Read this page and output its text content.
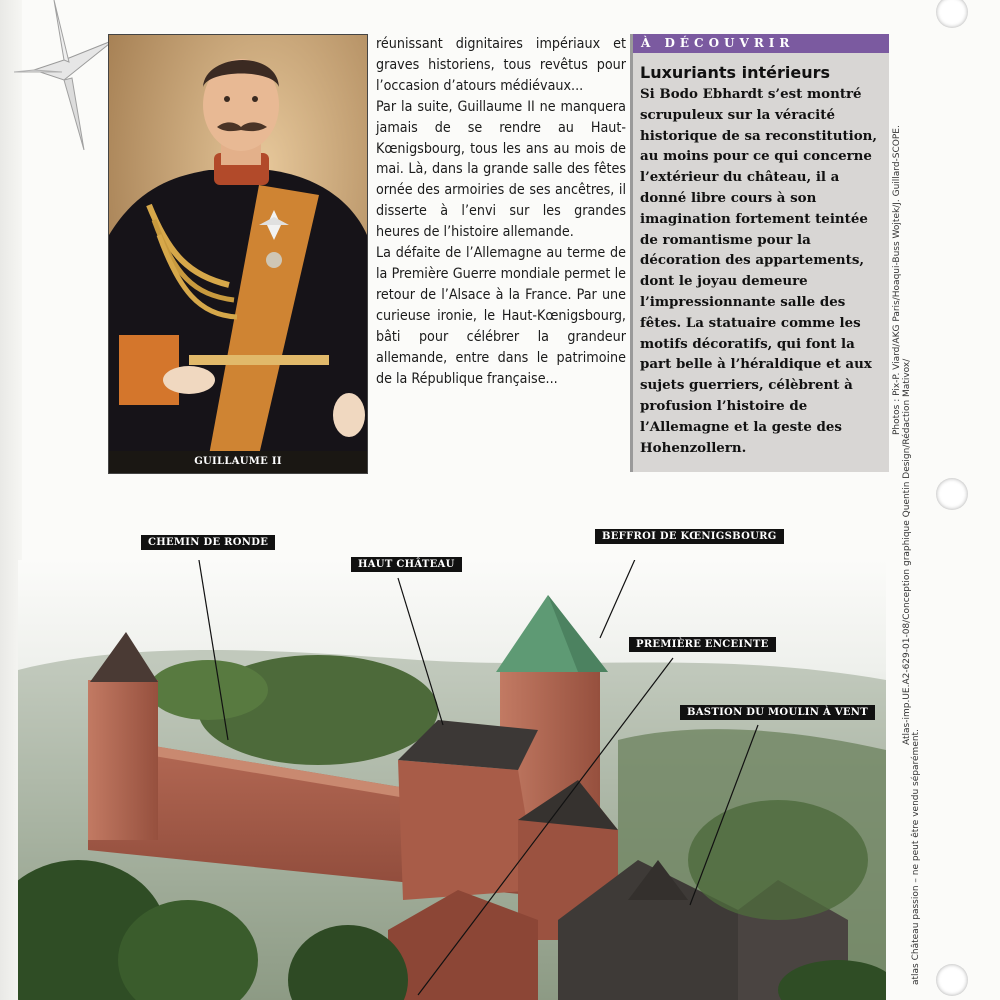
GUILLAUME II

réunissant dignitaires impériaux et graves historiens, tous revêtus pour l’occasion d’atours médiévaux...

Par la suite, Guillaume II ne manquera jamais de se rendre au Haut-Kœnigsbourg, tous les ans au mois de mai. Là, dans la grande salle des fêtes ornée des armoiries de ses ancêtres, il disserte à l’envi sur les grandes heures de l’histoire allemande.

La défaite de l’Allemagne au terme de la Première Guerre mondiale permet le retour de l’Alsace à la France. Par une curieuse ironie, le Haut-Kœnigsbourg, bâti pour célébrer la grandeur allemande, entre dans le patrimoine de la République française...

À DÉCOUVRIR
Luxuriants intérieurs
Si Bodo Ebhardt s’est montré scrupuleux sur la véracité historique de sa reconstitution, au moins pour ce qui concerne l’extérieur du château, il a donné libre cours à son imagination fortement teintée de romantisme pour la décoration des appartements, dont le joyau demeure l’impressionnante salle des fêtes. La statuaire comme les motifs décoratifs, qui font la part belle à l’héraldique et aux sujets guerriers, célèbrent à profusion l’histoire de l’Allemagne et la geste des Hohenzollern.
Photos : Pix-P. Viard/AKG Paris/Hoaqui-Buss Wojtek/J. Guillard-SCOPE.
Atlas-imp.UE.A2-629-01-08/Conception graphique Quentin Design/Rédaction Mativox/
atlas Château passion – ne peut être vendu séparément.
CHEMIN DE RONDE
HAUT CHÂTEAU
BEFFROI DE KŒNIGSBOURG
PREMIÈRE ENCEINTE
BASTION DU MOULIN À VENT
